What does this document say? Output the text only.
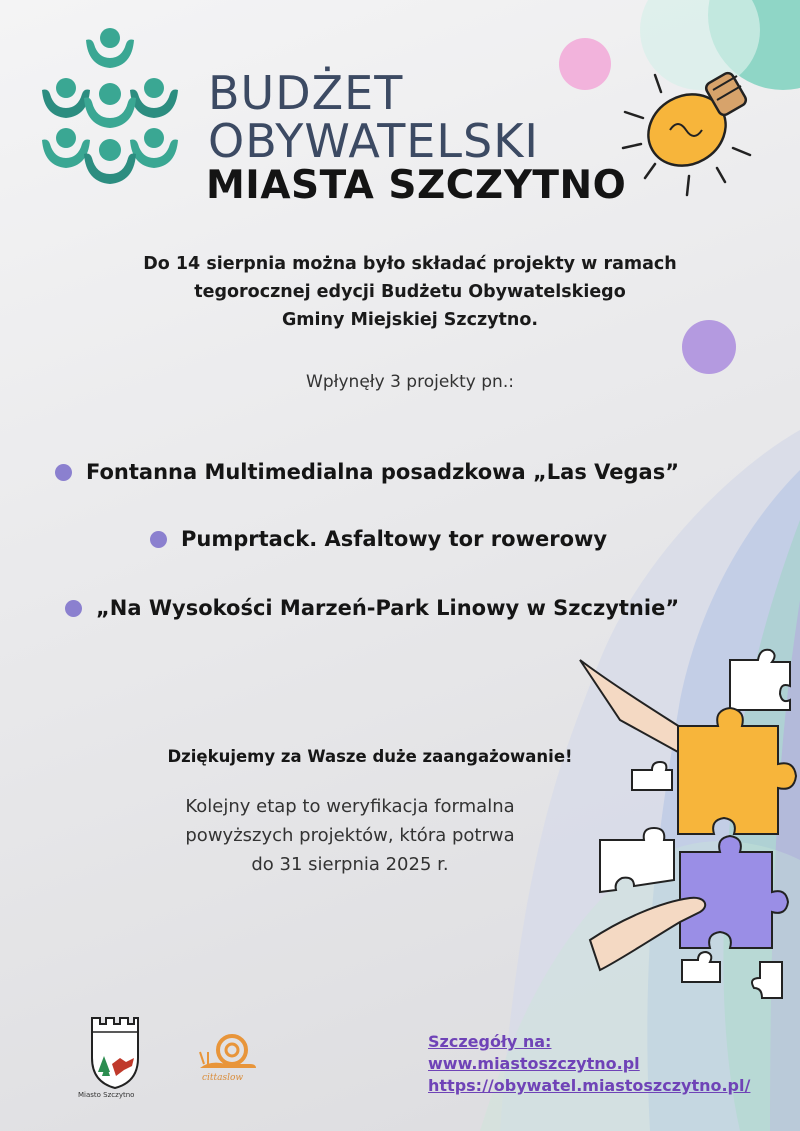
BUDŻET
OBYWATELSKI
MIASTA SZCZYTNO
Do 14 sierpnia można było składać projekty w ramach
tegorocznej edycji Budżetu Obywatelskiego
Gminy Miejskiej Szczytno.
Wpłynęły 3 projekty pn.:
Fontanna Multimedialna posadzkowa „Las Vegas”
Pumprtack. Asfaltowy tor rowerowy
„Na Wysokości Marzeń-Park Linowy w Szczytnie”
Dziękujemy za Wasze duże zaangażowanie!
Kolejny etap to weryfikacja formalna
powyższych projektów, która potrwa
do 31 sierpnia 2025 r.
Miasto Szczytno
cittaslow
Szczegóły na:
www.miastoszczytno.pl
https://obywatel.miastoszczytno.pl/
